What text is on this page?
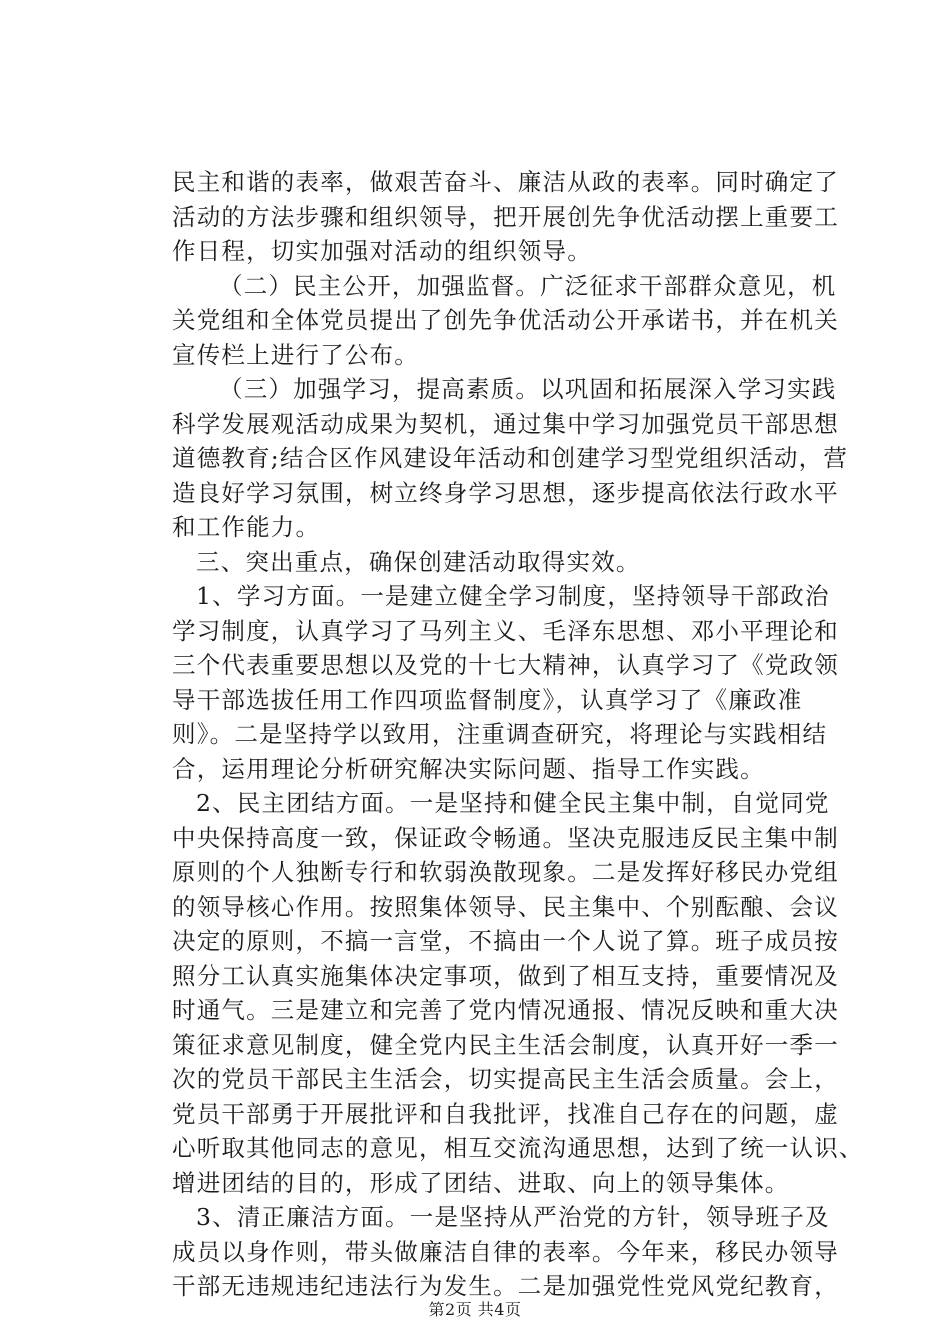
民主和谐的表率，做艰苦奋斗、廉洁从政的表率。同时确定了
活动的方法步骤和组织领导，把开展创先争优活动摆上重要工
作日程，切实加强对活动的组织领导。
（二）民主公开，加强监督。广泛征求干部群众意见，机
关党组和全体党员提出了创先争优活动公开承诺书，并在机关
宣传栏上进行了公布。
（三）加强学习，提高素质。以巩固和拓展深入学习实践
科学发展观活动成果为契机，通过集中学习加强党员干部思想
道德教育;结合区作风建设年活动和创建学习型党组织活动，营
造良好学习氛围，树立终身学习思想，逐步提高依法行政水平
和工作能力。
三、突出重点，确保创建活动取得实效。
1、学习方面。一是建立健全学习制度，坚持领导干部政治
学习制度，认真学习了马列主义、毛泽东思想、邓小平理论和
三个代表重要思想以及党的十七大精神，认真学习了《党政领
导干部选拔任用工作四项监督制度》，认真学习了《廉政准
则》。二是坚持学以致用，注重调查研究，将理论与实践相结
合，运用理论分析研究解决实际问题、指导工作实践。
2、民主团结方面。一是坚持和健全民主集中制，自觉同党
中央保持高度一致，保证政令畅通。坚决克服违反民主集中制
原则的个人独断专行和软弱涣散现象。二是发挥好移民办党组
的领导核心作用。按照集体领导、民主集中、个别酝酿、会议
决定的原则，不搞一言堂，不搞由一个人说了算。班子成员按
照分工认真实施集体决定事项，做到了相互支持，重要情况及
时通气。三是建立和完善了党内情况通报、情况反映和重大决
策征求意见制度，健全党内民主生活会制度，认真开好一季一
次的党员干部民主生活会，切实提高民主生活会质量。会上，
党员干部勇于开展批评和自我批评，找准自己存在的问题，虚
心听取其他同志的意见，相互交流沟通思想，达到了统一认识、
增进团结的目的，形成了团结、进取、向上的领导集体。
3、清正廉洁方面。一是坚持从严治党的方针，领导班子及
成员以身作则，带头做廉洁自律的表率。今年来，移民办领导
干部无违规违纪违法行为发生。二是加强党性党风党纪教育，
第2页 共4页
